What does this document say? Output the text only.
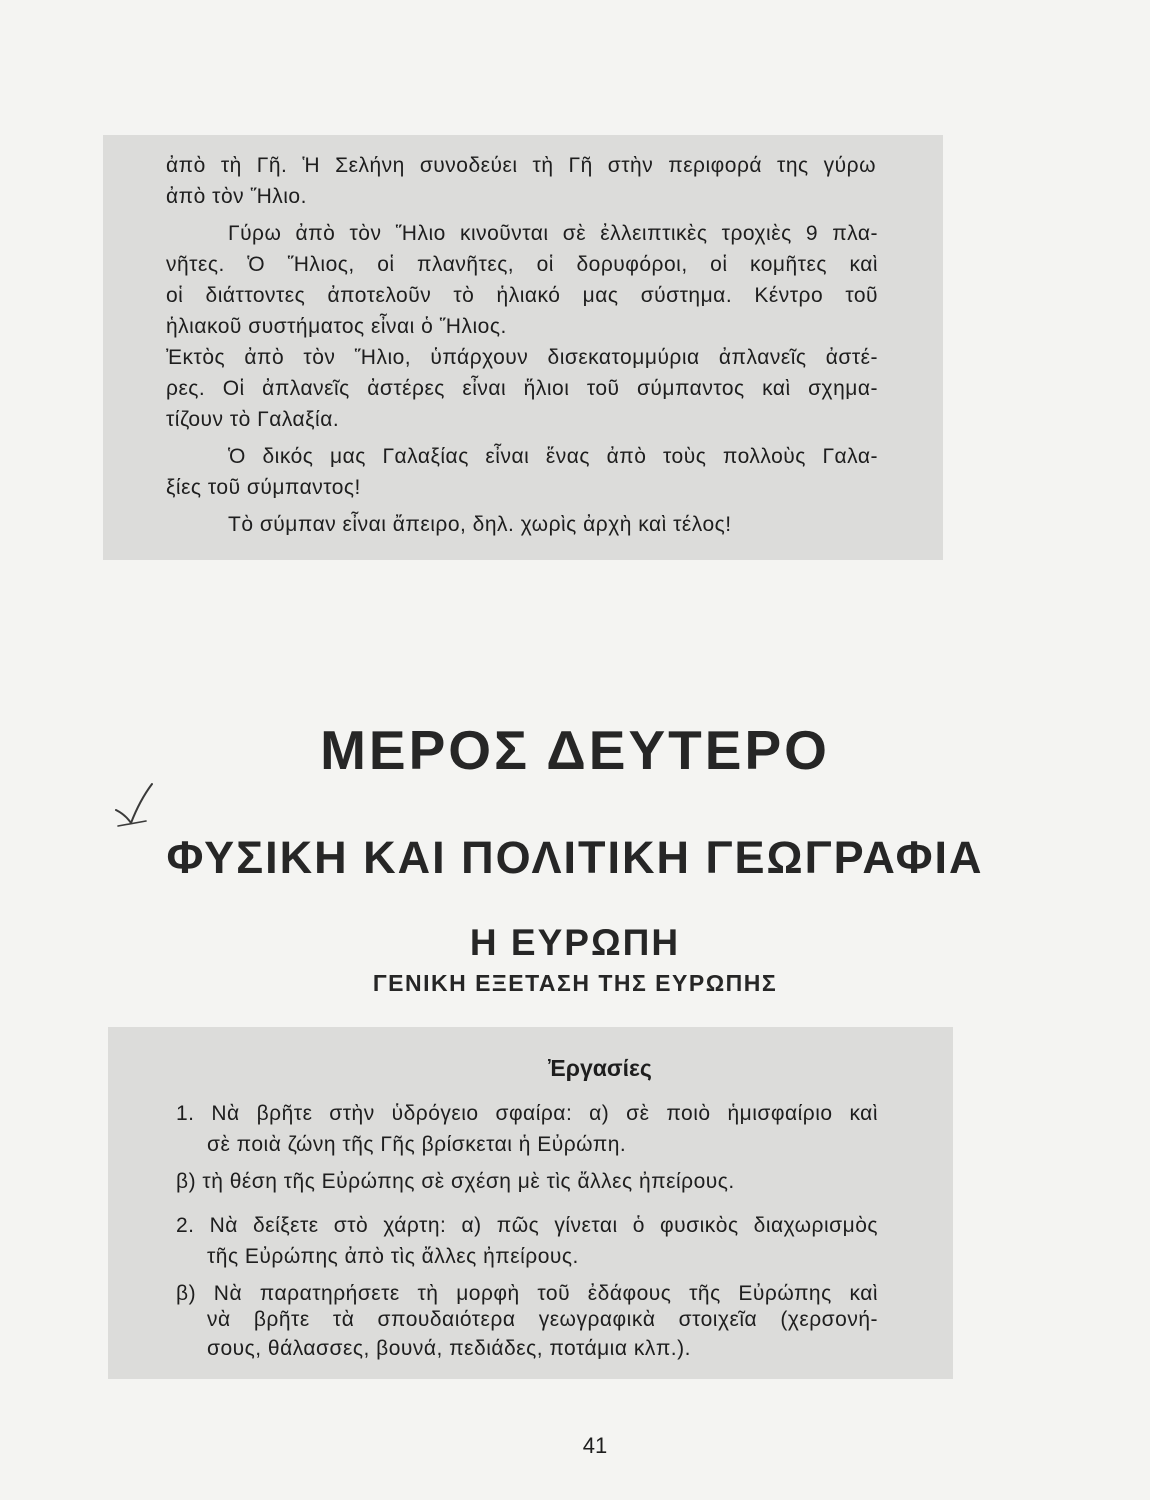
ἀπὸ τὴ Γῆ. Ἡ Σελήνη συνοδεύει τὴ Γῆ στὴν περιφορά της γύρω

ἀπὸ τὸν Ἥλιο.

Γύρω ἀπὸ τὸν Ἥλιο κινοῦνται σὲ ἐλλειπτικὲς τροχιὲς 9 πλα-

νῆτες. Ὁ Ἥλιος, οἱ πλανῆτες, οἱ δορυφόροι, οἱ κομῆτες καὶ

οἱ διάττοντες ἀποτελοῦν τὸ ἡλιακό μας σύστημα. Κέντρο τοῦ

ἡλιακοῦ συστήματος εἶναι ὁ Ἥλιος.

Ἐκτὸς ἀπὸ τὸν Ἥλιο, ὑπάρχουν δισεκατομμύρια ἀπλανεῖς ἀστέ-

ρες. Οἱ ἀπλανεῖς ἀστέρες εἶναι ἥλιοι τοῦ σύμπαντος καὶ σχημα-

τίζουν τὸ Γαλαξία.

Ὁ δικός μας Γαλαξίας εἶναι ἕνας ἀπὸ τοὺς πολλοὺς Γαλα-

ξίες τοῦ σύμπαντος!

Τὸ σύμπαν εἶναι ἄπειρο, δηλ. χωρὶς ἀρχὴ καὶ τέλος!

ΜΕΡΟΣ ΔΕΥΤΕΡΟ
ΦΥΣΙΚΗ ΚΑΙ ΠΟΛΙΤΙΚΗ ΓΕΩΓΡΑΦΙΑ
Η ΕΥΡΩΠΗ
ΓΕΝΙΚΗ ΕΞΕΤΑΣΗ ΤΗΣ ΕΥΡΩΠΗΣ
Ἐργασίες

1. Νὰ βρῆτε στὴν ὑδρόγειο σφαίρα: α) σὲ ποιὸ ἡμισφαίριο καὶ

σὲ ποιὰ ζώνη τῆς Γῆς βρίσκεται ἡ Εὐρώπη.

β) τὴ θέση τῆς Εὐρώπης σὲ σχέση μὲ τὶς ἄλλες ἠπείρους.

2. Νὰ δείξετε στὸ χάρτη: α) πῶς γίνεται ὁ φυσικὸς διαχωρισμὸς

τῆς Εὐρώπης ἀπὸ τὶς ἄλλες ἠπείρους.

β) Νὰ παρατηρήσετε τὴ μορφὴ τοῦ ἐδάφους τῆς Εὐρώπης καὶ

νὰ βρῆτε τὰ σπουδαιότερα γεωγραφικὰ στοιχεῖα (χερσονή-

σους, θάλασσες, βουνά, πεδιάδες, ποτάμια κλπ.).

41
